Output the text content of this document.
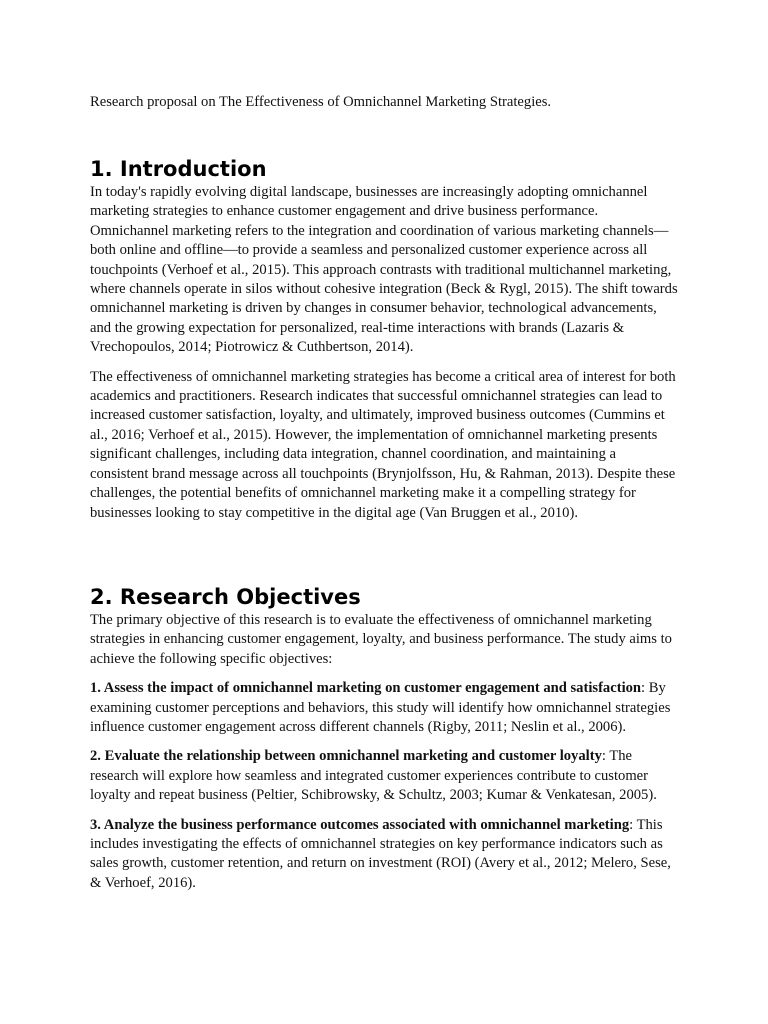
Research proposal on The Effectiveness of Omnichannel Marketing Strategies.

1. Introduction

In today's rapidly evolving digital landscape, businesses are increasingly adopting omnichannel marketing strategies to enhance customer engagement and drive business performance. Omnichannel marketing refers to the integration and coordination of various marketing channels—both online and offline—to provide a seamless and personalized customer experience across all touchpoints (Verhoef et al., 2015). This approach contrasts with traditional multichannel marketing, where channels operate in silos without cohesive integration (Beck & Rygl, 2015). The shift towards omnichannel marketing is driven by changes in consumer behavior, technological advancements, and the growing expectation for personalized, real-time interactions with brands (Lazaris & Vrechopoulos, 2014; Piotrowicz & Cuthbertson, 2014).

The effectiveness of omnichannel marketing strategies has become a critical area of interest for both academics and practitioners. Research indicates that successful omnichannel strategies can lead to increased customer satisfaction, loyalty, and ultimately, improved business outcomes (Cummins et al., 2016; Verhoef et al., 2015). However, the implementation of omnichannel marketing presents significant challenges, including data integration, channel coordination, and maintaining a consistent brand message across all touchpoints (Brynjolfsson, Hu, & Rahman, 2013). Despite these challenges, the potential benefits of omnichannel marketing make it a compelling strategy for businesses looking to stay competitive in the digital age (Van Bruggen et al., 2010).

2. Research Objectives

The primary objective of this research is to evaluate the effectiveness of omnichannel marketing strategies in enhancing customer engagement, loyalty, and business performance. The study aims to achieve the following specific objectives:

1. Assess the impact of omnichannel marketing on customer engagement and satisfaction: By examining customer perceptions and behaviors, this study will identify how omnichannel strategies influence customer engagement across different channels (Rigby, 2011; Neslin et al., 2006).

2. Evaluate the relationship between omnichannel marketing and customer loyalty: The research will explore how seamless and integrated customer experiences contribute to customer loyalty and repeat business (Peltier, Schibrowsky, & Schultz, 2003; Kumar & Venkatesan, 2005).

3. Analyze the business performance outcomes associated with omnichannel marketing: This includes investigating the effects of omnichannel strategies on key performance indicators such as sales growth, customer retention, and return on investment (ROI) (Avery et al., 2012; Melero, Sese, & Verhoef, 2016).
